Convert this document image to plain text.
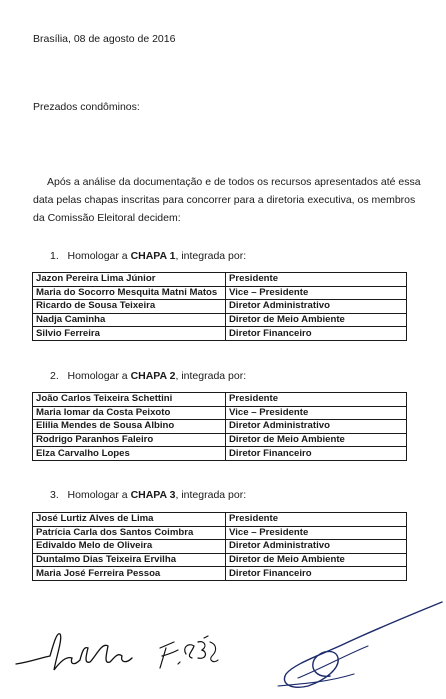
Brasília, 08 de agosto de 2016
Prezados condôminos:
Após a análise da documentação e de todos os recursos apresentados até essa data pelas chapas inscritas para concorrer para a diretoria executiva, os membros da Comissão Eleitoral decidem:
1. Homologar a CHAPA 1, integrada por:
Jazon Pereira Lima Júnior	Presidente
Maria do Socorro Mesquita Matni Matos	Vice – Presidente
Ricardo de Sousa Teixeira	Diretor Administrativo
Nadja Caminha	Diretor de Meio Ambiente
Silvio Ferreira	Diretor Financeiro
2. Homologar a CHAPA 2, integrada por:
João Carlos Teixeira Schettini	Presidente
Maria Iomar da Costa Peixoto	Vice – Presidente
Elilia Mendes de Sousa Albino	Diretor Administrativo
Rodrigo Paranhos Faleiro	Diretor de Meio Ambiente
Elza Carvalho Lopes	Diretor Financeiro
3. Homologar a CHAPA 3, integrada por:
José Lurtiz Alves de Lima	Presidente
Patrícia Carla dos Santos Coimbra	Vice – Presidente
Edivaldo Melo de Oliveira	Diretor Administrativo
Duntalmo Dias Teixeira Ervilha	Diretor de Meio Ambiente
Maria José Ferreira Pessoa	Diretor Financeiro
